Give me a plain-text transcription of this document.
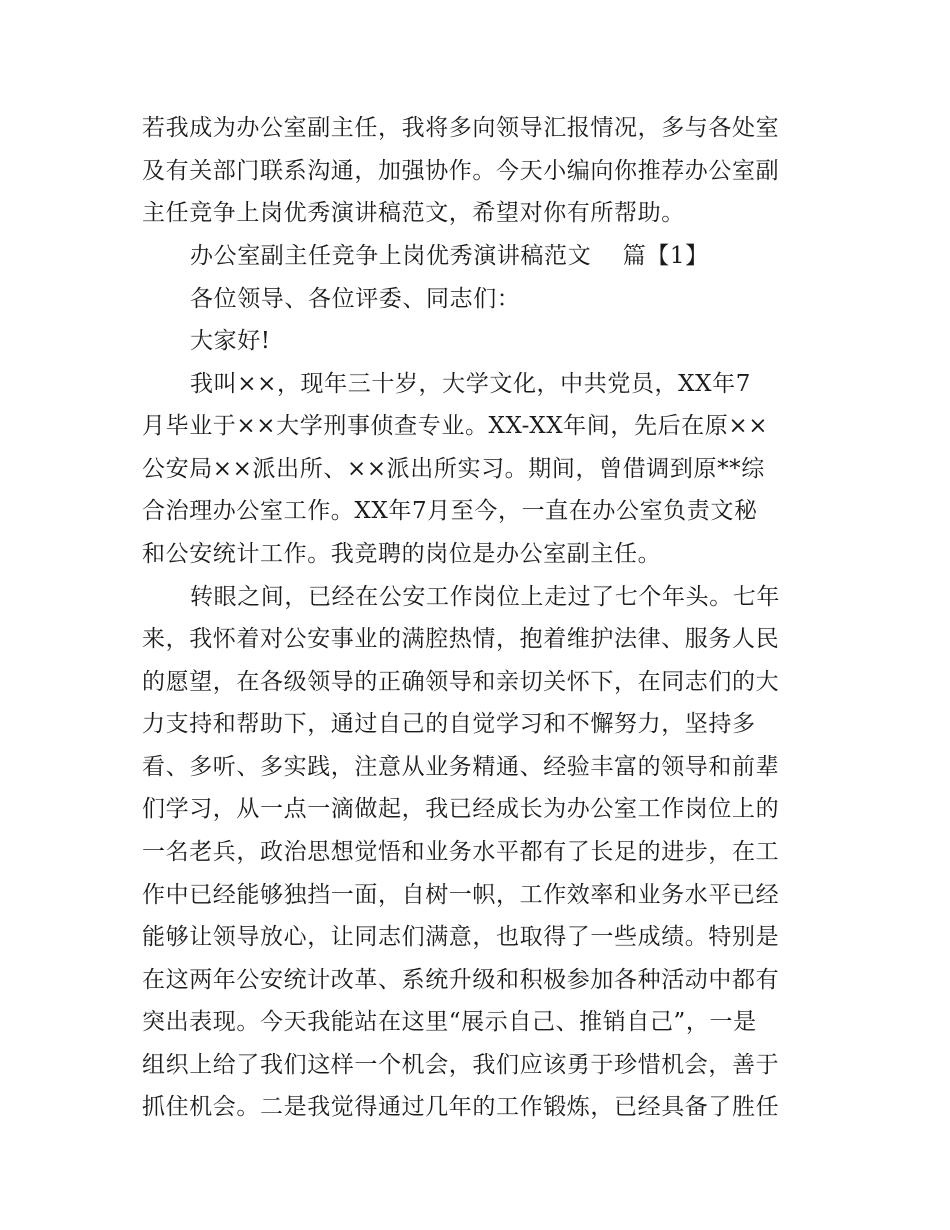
若我成为办公室副主任，我将多向领导汇报情况，多与各处室
及有关部门联系沟通，加强协作。今天小编向你推荐办公室副
主任竞争上岗优秀演讲稿范文，希望对你有所帮助。
办公室副主任竞争上岗优秀演讲稿范文　 篇【1】
各位领导、各位评委、同志们：
大家好!
我叫××，现年三十岁，大学文化，中共党员，XX年7
月毕业于××大学刑事侦查专业。XX-XX年间，先后在原××
公安局××派出所、××派出所实习。期间，曾借调到原**综
合治理办公室工作。XX年7月至今，一直在办公室负责文秘
和公安统计工作。我竞聘的岗位是办公室副主任。
转眼之间，已经在公安工作岗位上走过了七个年头。七年
来，我怀着对公安事业的满腔热情，抱着维护法律、服务人民
的愿望，在各级领导的正确领导和亲切关怀下，在同志们的大
力支持和帮助下，通过自己的自觉学习和不懈努力，坚持多
看、多听、多实践，注意从业务精通、经验丰富的领导和前辈
们学习，从一点一滴做起，我已经成长为办公室工作岗位上的
一名老兵，政治思想觉悟和业务水平都有了长足的进步，在工
作中已经能够独挡一面，自树一帜，工作效率和业务水平已经
能够让领导放心，让同志们满意，也取得了一些成绩。特别是
在这两年公安统计改革、系统升级和积极参加各种活动中都有
突出表现。今天我能站在这里“展示自己、推销自己”，一是
组织上给了我们这样一个机会，我们应该勇于珍惜机会，善于
抓住机会。二是我觉得通过几年的工作锻炼，已经具备了胜任
